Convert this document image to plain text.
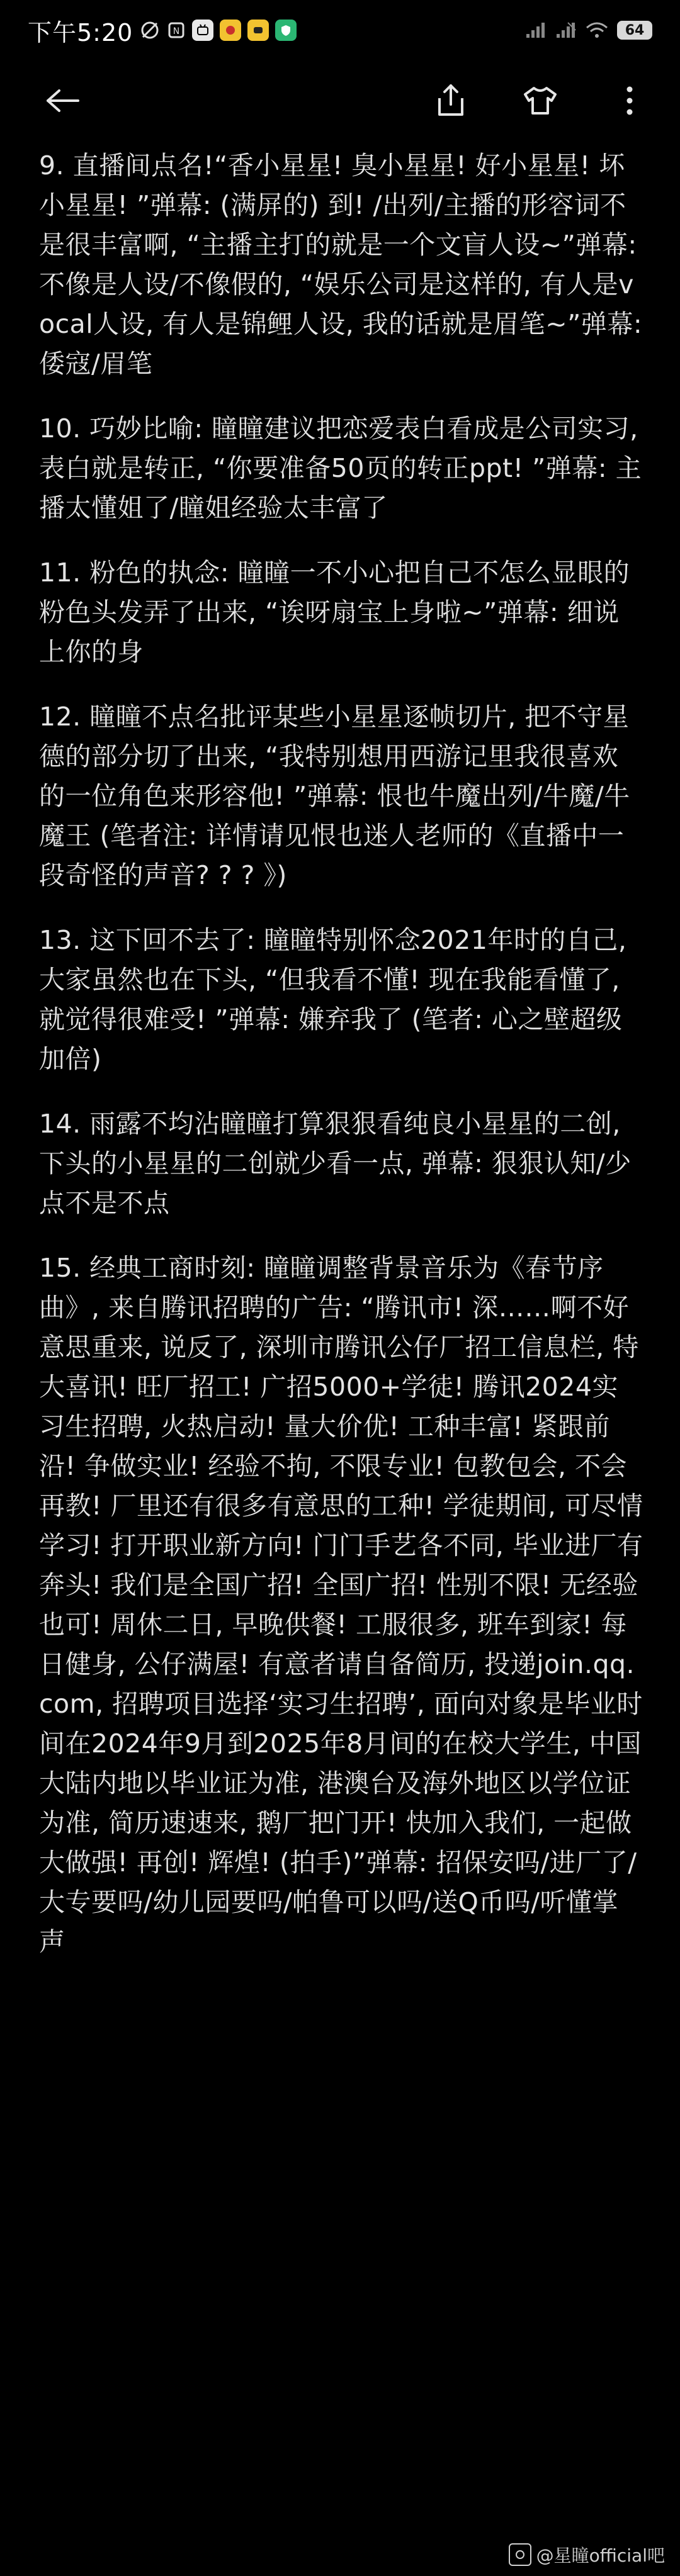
下午5:20	N	64

9. 直播间点名!“香小星星! 臭小星星! 好小星星! 坏小星星! ”弹幕: (满屏的) 到! /出列/主播的形容词不是很丰富啊, “主播主打的就是一个文盲人设~”弹幕: 不像是人设/不像假的, “娱乐公司是这样的, 有人是vocal人设, 有人是锦鲤人设, 我的话就是眉笔~”弹幕: 倭寇/眉笔

10. 巧妙比喻: 瞳瞳建议把恋爱表白看成是公司实习, 表白就是转正, “你要准备50页的转正ppt! ”弹幕: 主播太懂姐了/瞳姐经验太丰富了

11. 粉色的执念: 瞳瞳一不小心把自己不怎么显眼的粉色头发弄了出来, “诶呀扇宝上身啦~”弹幕: 细说上你的身

12. 瞳瞳不点名批评某些小星星逐帧切片, 把不守星德的部分切了出来, “我特别想用西游记里我很喜欢的一位角色来形容他! ”弹幕: 恨也牛魔出列/牛魔/牛魔王 (笔者注: 详情请见恨也迷人老师的《直播中一段奇怪的声音? ? ? 》)

13. 这下回不去了: 瞳瞳特别怀念2021年时的自己, 大家虽然也在下头, “但我看不懂! 现在我能看懂了, 就觉得很难受! ”弹幕: 嫌弃我了 (笔者: 心之壁超级加倍)

14. 雨露不均沾瞳瞳打算狠狠看纯良小星星的二创, 下头的小星星的二创就少看一点, 弹幕: 狠狠认知/少点不是不点

15. 经典工商时刻: 瞳瞳调整背景音乐为《春节序曲》, 来自腾讯招聘的广告: “腾讯市! 深……啊不好意思重来, 说反了, 深圳市腾讯公仔厂招工信息栏, 特大喜讯! 旺厂招工! 广招5000+学徒! 腾讯2024实习生招聘, 火热启动! 量大价优! 工种丰富! 紧跟前沿! 争做实业! 经验不拘, 不限专业! 包教包会, 不会再教! 厂里还有很多有意思的工种! 学徒期间, 可尽情学习! 打开职业新方向! 门门手艺各不同, 毕业进厂有奔头! 我们是全国广招! 全国广招! 性别不限! 无经验也可! 周休二日, 早晚供餐! 工服很多, 班车到家! 每日健身, 公仔满屋! 有意者请自备简历, 投递join.qq.com, 招聘项目选择‘实习生招聘’, 面向对象是毕业时间在2024年9月到2025年8月间的在校大学生, 中国大陆内地以毕业证为准, 港澳台及海外地区以学位证为准, 简历速速来, 鹅厂把门开! 快加入我们, 一起做大做强! 再创! 辉煌! (拍手)”弹幕: 招保安吗/进厂了/大专要吗/幼儿园要吗/帕鲁可以吗/送Q币吗/听懂掌声

@星瞳official吧
